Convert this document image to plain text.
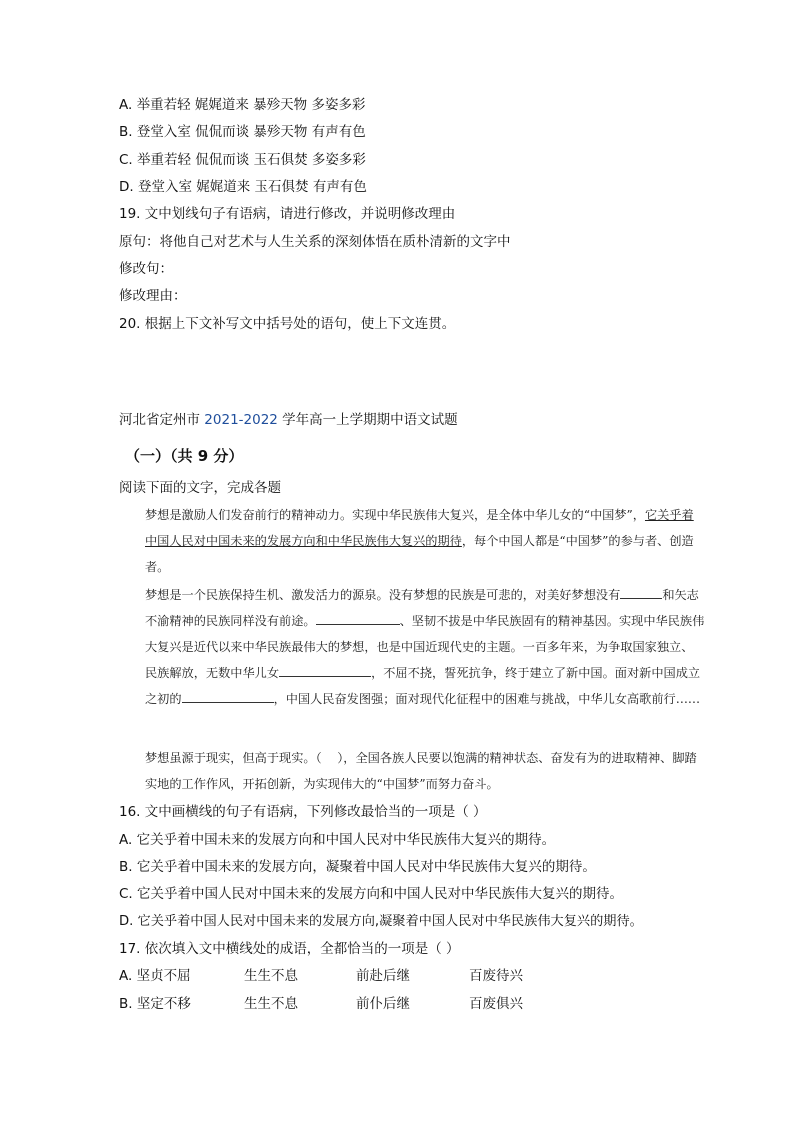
A. 举重若轻 娓娓道来 暴殄天物 多姿多彩
B. 登堂入室 侃侃而谈 暴殄天物 有声有色
C. 举重若轻 侃侃而谈 玉石俱焚 多姿多彩
D. 登堂入室 娓娓道来 玉石俱焚 有声有色
19. 文中划线句子有语病，请进行修改，并说明修改理由
原句：将他自己对艺术与人生关系的深刻体悟在质朴清新的文字中
修改句：
修改理由：
20. 根据上下文补写文中括号处的语句，使上下文连贯。
河北省定州市 2021-2022 学年高一上学期期中语文试题
（一）（共 9 分）
阅读下面的文字，完成各题
梦想是激励人们发奋前行的精神动力。实现中华民族伟大复兴，是全体中华儿女的“中国梦”，它关乎着中国人民对中国未来的发展方向和中华民族伟大复兴的期待，每个中国人都是“中国梦”的参与者、创造者。
梦想是一个民族保持生机、激发活力的源泉。没有梦想的民族是可悲的，对美好梦想没有	和矢志不渝精神的民族同样没有前途。	、坚韧不拔是中华民族固有的精神基因。实现中华民族伟大复兴是近代以来中华民族最伟大的梦想，也是中国近现代史的主题。一百多年来，为争取国家独立、民族解放，无数中华儿女	，不屈不挠，誓死抗争，终于建立了新中国。面对新中国成立之初的	，中国人民奋发图强；面对现代化征程中的困难与挑战，中华儿女高歌前行……
梦想虽源于现实，但高于现实。（ ），全国各族人民要以饱满的精神状态、奋发有为的进取精神、脚踏实地的工作作风，开拓创新，为实现伟大的“中国梦”而努力奋斗。
16. 文中画横线的句子有语病，下列修改最恰当的一项是（ ）
A. 它关乎着中国未来的发展方向和中国人民对中华民族伟大复兴的期待。
B. 它关乎着中国未来的发展方向，凝聚着中国人民对中华民族伟大复兴的期待。
C. 它关乎着中国人民对中国未来的发展方向和中国人民对中华民族伟大复兴的期待。
D. 它关乎着中国人民对中国未来的发展方向,凝聚着中国人民对中华民族伟大复兴的期待。
17. 依次填入文中横线处的成语，全都恰当的一项是（ ）
A. 坚贞不屈	生生不息	前赴后继	百废待兴
B. 坚定不移	生生不息	前仆后继	百废俱兴
